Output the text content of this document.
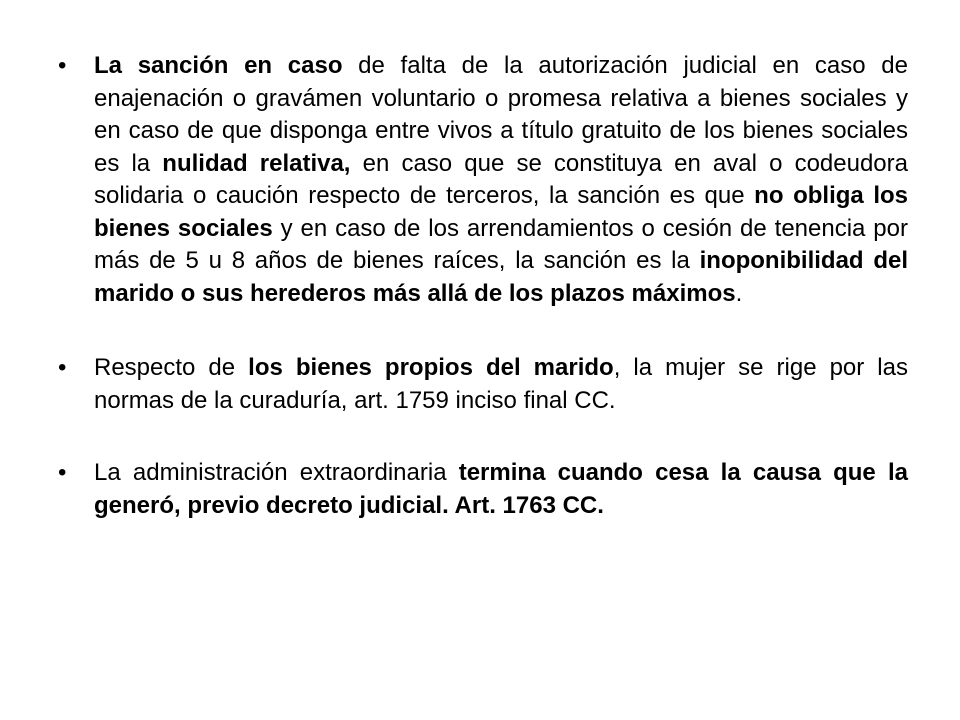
• La sanción en caso de falta de la autorización judicial en caso de enajenación o gravámen voluntario o promesa relativa a bienes sociales y en caso de que disponga entre vivos a título gratuito de los bienes sociales es la nulidad relativa, en caso que se constituya en aval o codeudora solidaria o caución respecto de terceros, la sanción es que no obliga los bienes sociales y en caso de los arrendamientos o cesión de tenencia por más de 5 u 8 años de bienes raíces, la sanción es la inoponibilidad del marido o sus herederos más allá de los plazos máximos.
• Respecto de los bienes propios del marido, la mujer se rige por las normas de la curaduría, art. 1759 inciso final CC.
• La administración extraordinaria termina cuando cesa la causa que la generó, previo decreto judicial. Art. 1763 CC.
